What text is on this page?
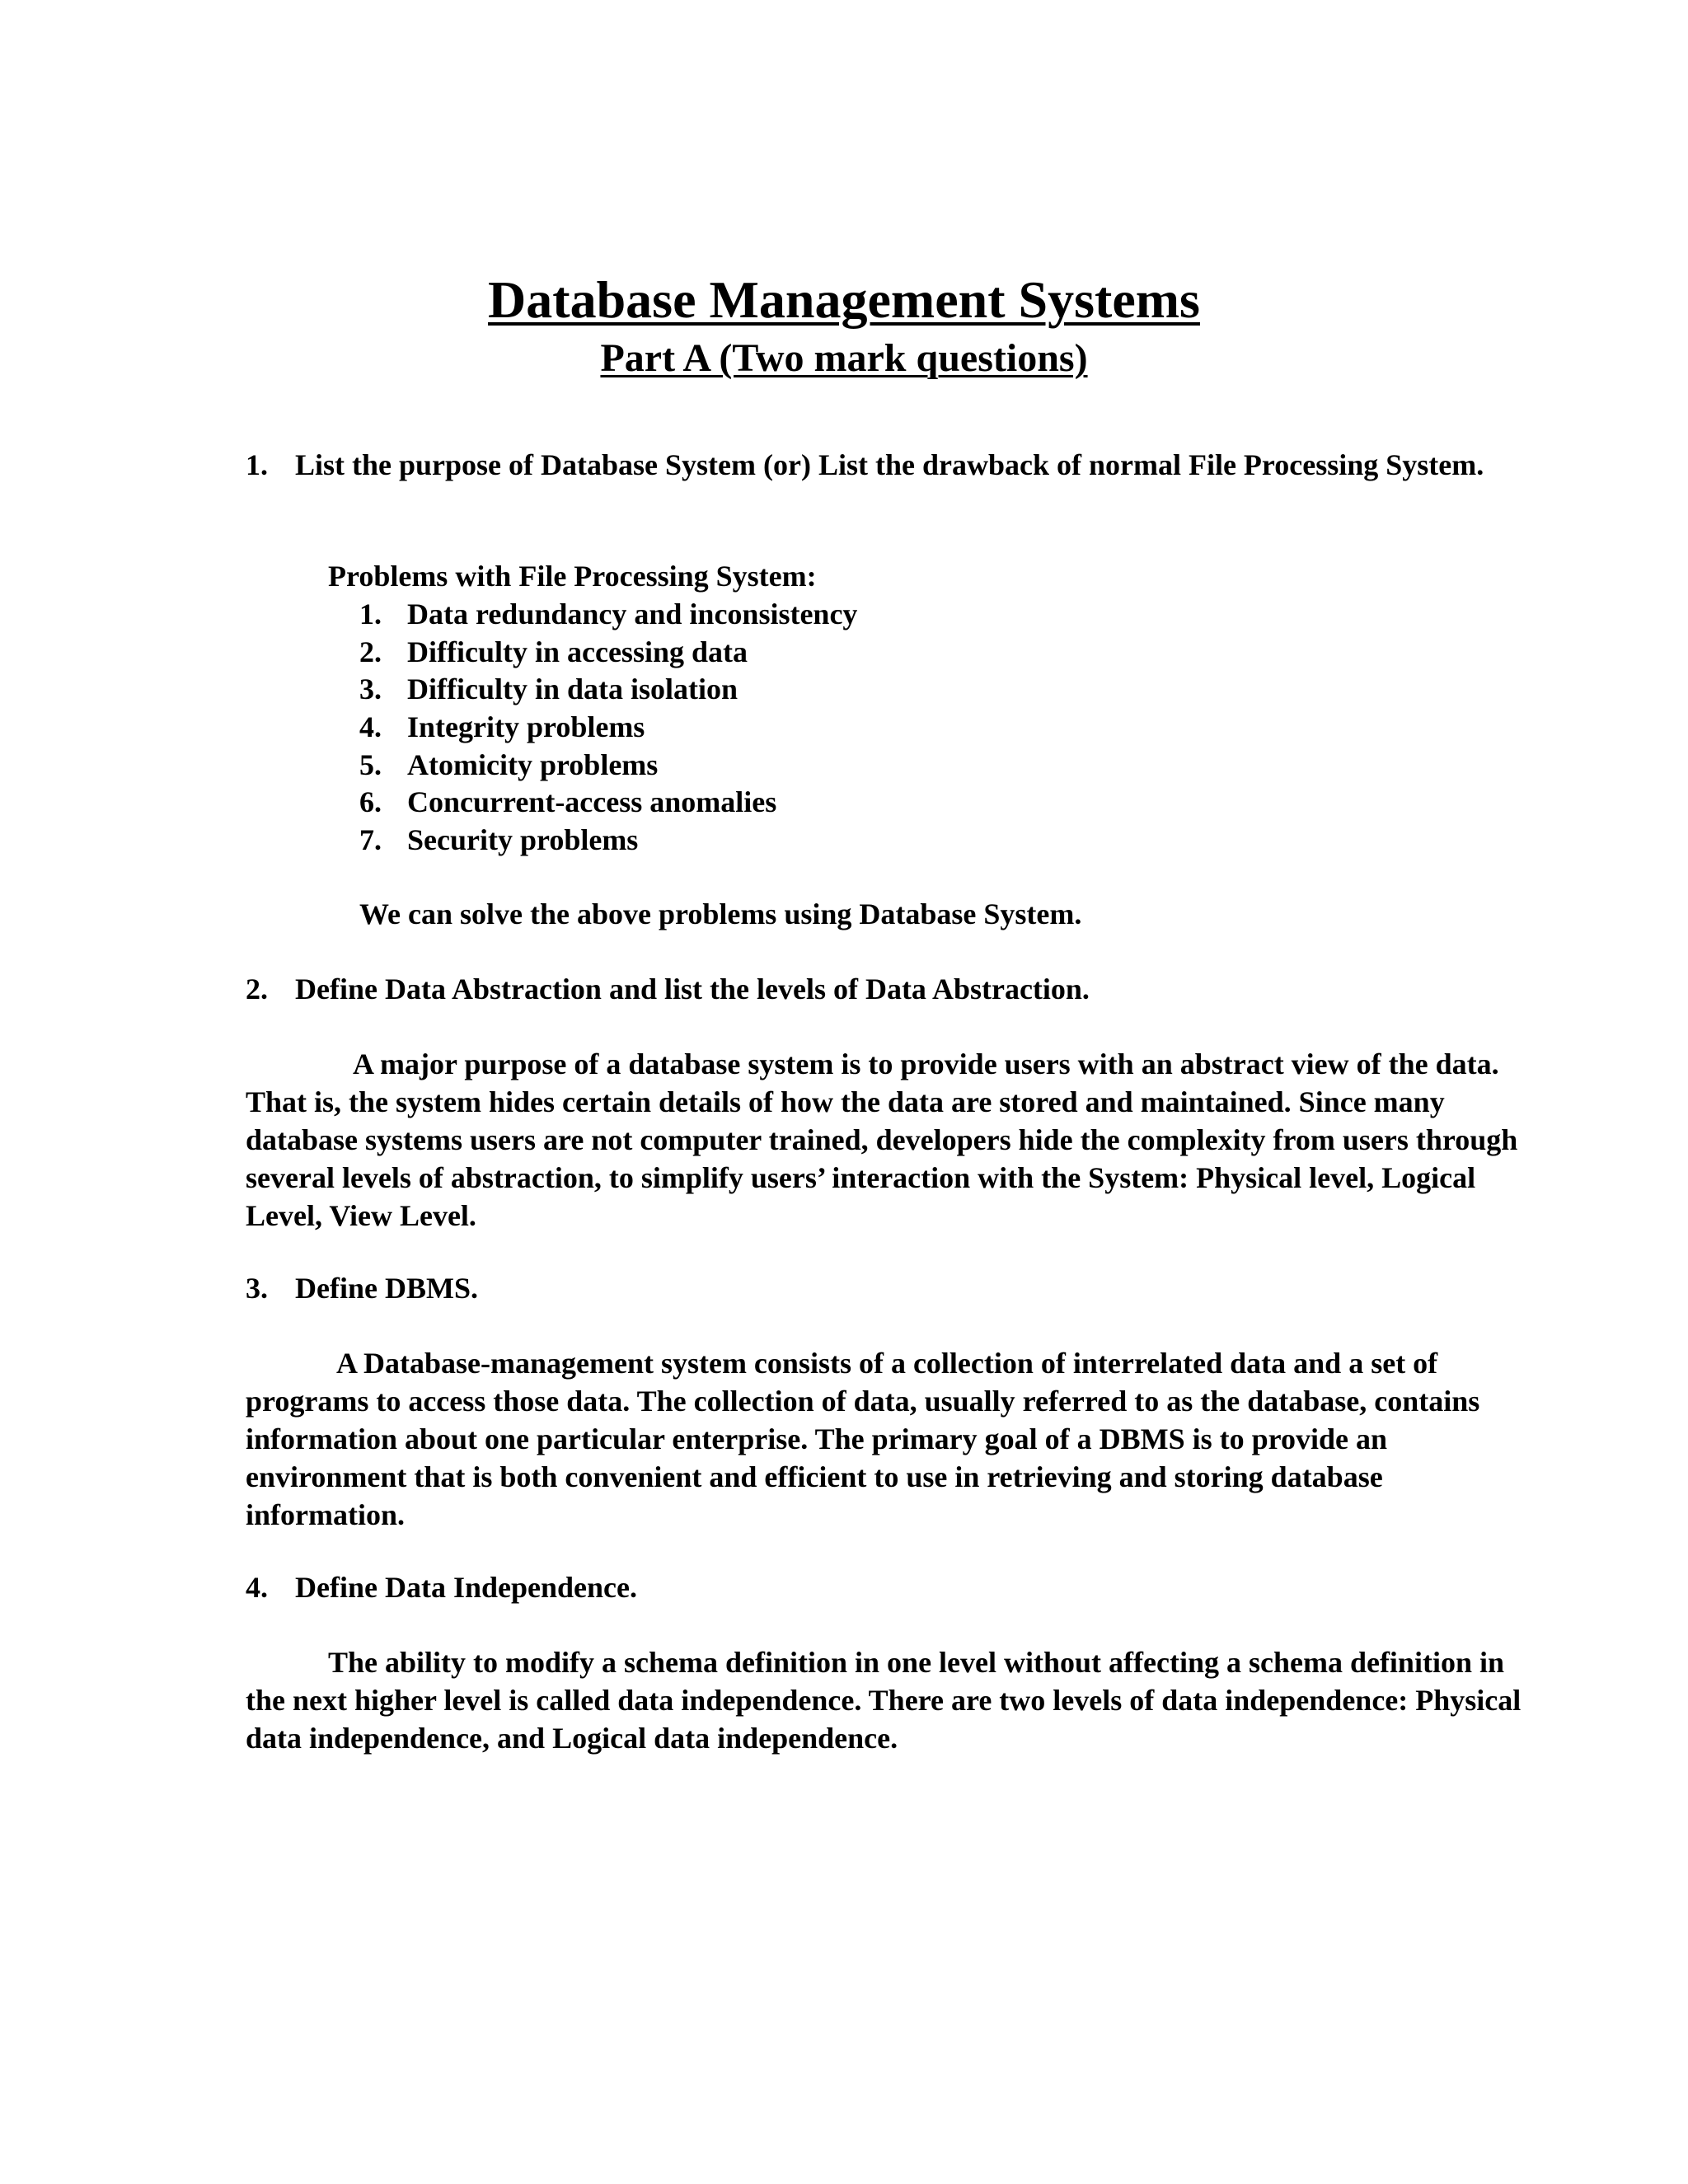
Database Management Systems
Part A (Two mark questions)
1. List the purpose of Database System (or) List the drawback of normal File Processing System.
Problems with File Processing System:
1. Data redundancy and inconsistency
2. Difficulty in accessing data
3. Difficulty in data isolation
4. Integrity problems
5. Atomicity problems
6. Concurrent-access anomalies
7. Security problems
We can solve the above problems using Database System.
2. Define Data Abstraction and list the levels of Data Abstraction.
A major purpose of a database system is to provide users with an abstract view of the data. That is, the system hides certain details of how the data are stored and maintained. Since many database systems users are not computer trained, developers hide the complexity from users through several levels of abstraction, to simplify users’ interaction with the System: Physical level, Logical Level, View Level.
3. Define DBMS.
A Database-management system consists of a collection of interrelated data and a set of programs to access those data. The collection of data, usually referred to as the database, contains information about one particular enterprise. The primary goal of a DBMS is to provide an environment that is both convenient and efficient to use in retrieving and storing database information.
4. Define Data Independence.
The ability to modify a schema definition in one level without affecting a schema definition in the next higher level is called data independence. There are two levels of data independence: Physical data independence, and Logical data independence.
